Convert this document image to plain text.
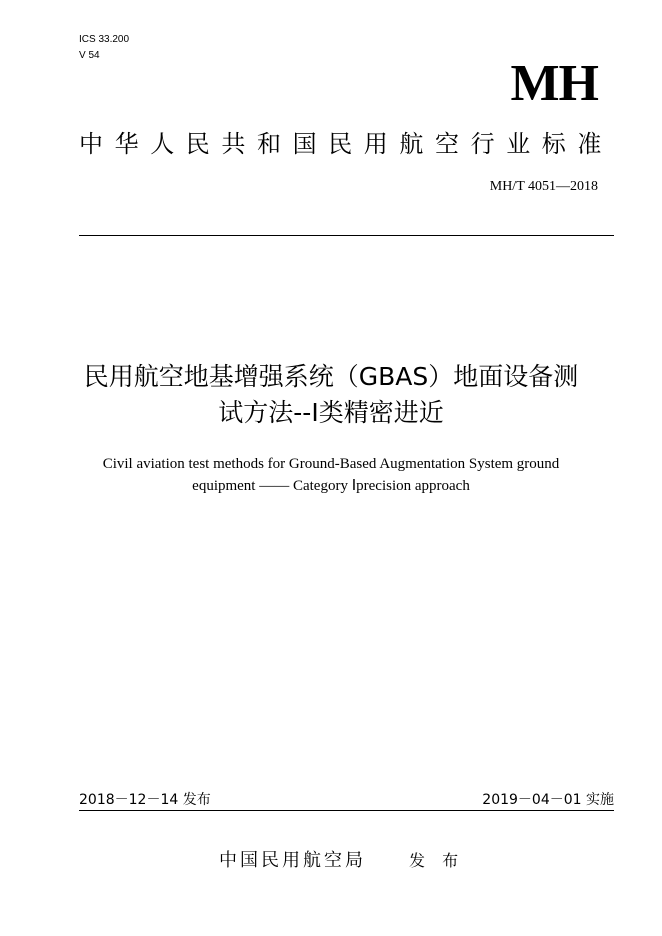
ICS 33.200
V 54	MH
中华人民共和国民用航空行业标准
MH/T 4051—2018
民用航空地基增强系统（GBAS）地面设备测
试方法--Ⅰ类精密进近
Civil aviation test methods for Ground-Based Augmentation System ground
equipment —— Category Ⅰprecision approach
2018－12－14 发布	2019－04－01 实施
中国民用航空局	发 布
